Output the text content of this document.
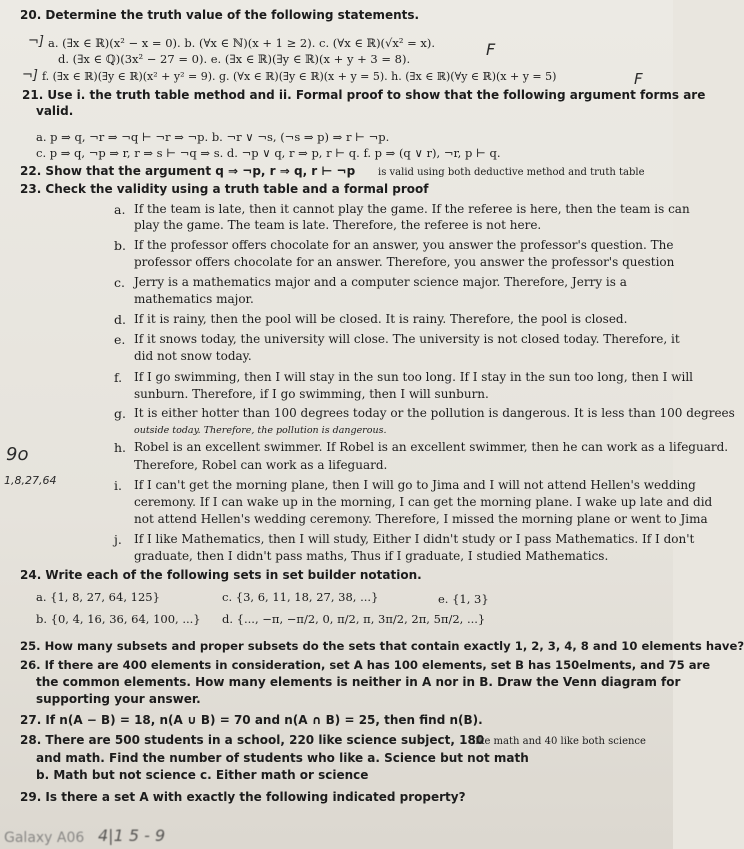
20. Determine the truth value of the following statements.
a. (∃x ∈ ℝ)(x² − x = 0). b. (∀x ∈ ℕ)(x + 1 ≥ 2). c. (∀x ∈ ℝ)(√x² = x).
d. (∃x ∈ ℚ)(3x² − 27 = 0). e. (∃x ∈ ℝ)(∃y ∈ ℝ)(x + y + 3 = 8).
f. (∃x ∈ ℝ)(∃y ∈ ℝ)(x² + y² = 9). g. (∀x ∈ ℝ)(∃y ∈ ℝ)(x + y = 5). h. (∃x ∈ ℝ)(∀y ∈ ℝ)(x + y = 5)
¬]	F
¬]	F
21. Use i. the truth table method and ii. Formal proof to show that the following argument forms are
valid.
a. p ⇒ q, ¬r ⇒ ¬q ⊢ ¬r ⇒ ¬p. b. ¬r ∨ ¬s, (¬s ⇒ p) ⇒ r ⊢ ¬p.
c. p ⇒ q, ¬p ⇒ r, r ⇒ s ⊢ ¬q ⇒ s. d. ¬p ∨ q, r ⇒ p, r ⊢ q. f. p ⇒ (q ∨ r), ¬r, p ⊢ q.
22. Show that the argument q ⇒ ¬p, r ⇒ q, r ⊢ ¬p is valid using both deductive method and truth table
23. Check the validity using a truth table and a formal proof
a. If the team is late, then it cannot play the game. If the referee is here, then the team is can
play the game. The team is late. Therefore, the referee is not here.
b. If the professor offers chocolate for an answer, you answer the professor's question. The
professor offers chocolate for an answer. Therefore, you answer the professor's question
c. Jerry is a mathematics major and a computer science major. Therefore, Jerry is a
mathematics major.
d. If it is rainy, then the pool will be closed. It is rainy. Therefore, the pool is closed.
e. If it snows today, the university will close. The university is not closed today. Therefore, it
did not snow today.
f. If I go swimming, then I will stay in the sun too long. If I stay in the sun too long, then I will
sunburn. Therefore, if I go swimming, then I will sunburn.
g. It is either hotter than 100 degrees today or the pollution is dangerous. It is less than 100 degrees
outside today. Therefore, the pollution is dangerous.
h. Robel is an excellent swimmer. If Robel is an excellent swimmer, then he can work as a lifeguard.
Therefore, Robel can work as a lifeguard.
i. If I can't get the morning plane, then I will go to Jima and I will not attend Hellen's wedding
ceremony. If I can wake up in the morning, I can get the morning plane. I wake up late and did
not attend Hellen's wedding ceremony. Therefore, I missed the morning plane or went to Jima
j. If I like Mathematics, then I will study, Either I didn't study or I pass Mathematics. If I don't
graduate, then I didn't pass maths, Thus if I graduate, I studied Mathematics.
9o
1,8,27,64
24. Write each of the following sets in set builder notation.
a. {1, 8, 27, 64, 125}	c. {3, 6, 11, 18, 27, 38, ...}	e. {1, 3}
b. {0, 4, 16, 36, 64, 100, ...} d. {..., −π, −π/2, 0, π/2, π, 3π/2, 2π, 5π/2, ...}
25. How many subsets and proper subsets do the sets that contain exactly 1, 2, 3, 4, 8 and 10 elements have?
26. If there are 400 elements in consideration, set A has 100 elements, set B has 150elments, and 75 are
the common elements. How many elements is neither in A nor in B. Draw the Venn diagram for
supporting your answer.
27. If n(A − B) = 18, n(A ∪ B) = 70 and n(A ∩ B) = 25, then find n(B).
28. There are 500 students in a school, 220 like science subject, 180
like math and 40 like both science
and math. Find the number of students who like a. Science but not math
b. Math but not science c. Either math or science
29. Is there a set A with exactly the following indicated property?
4|1 5 - 9
Galaxy A06
